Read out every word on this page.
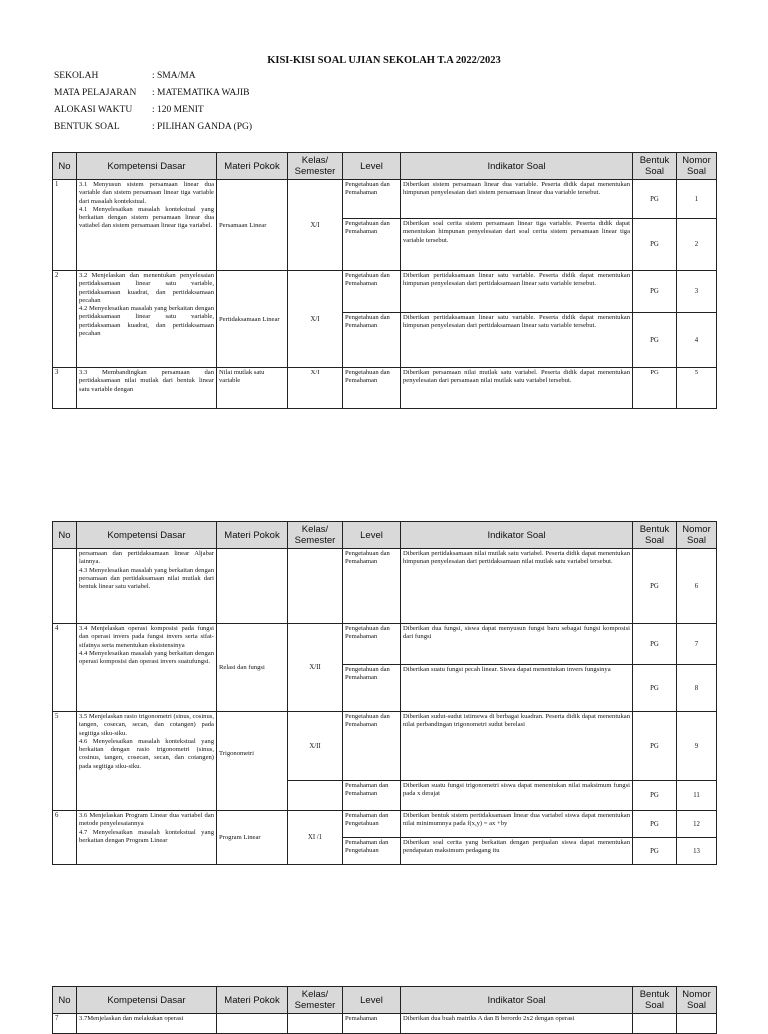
KISI-KISI SOAL UJIAN SEKOLAH T.A 2022/2023
SEKOLAH	: SMA/MA
MATA PELAJARAN	: MATEMATIKA WAJIB
ALOKASI WAKTU	: 120 MENIT
BENTUK SOAL	: PILIHAN GANDA (PG)
No	Kompetensi Dasar	Materi Pokok	Kelas/ Semester	Level	Indikator Soal	Bentuk Soal	Nomor Soal
1	3.1 Menyusun sistem persamaan linear dua variable dan sistem persamaan linear tiga variable dari masalah kontekstual.
4.1 Menyelesaikan masalah kontekstual yang berkaitan dengan sistem persamaan linear dua vatiabel dan sistem persamaan linear tiga variabel.	Persamaan Linear	X/I	Pengetahuan dan Pemahaman	Diberikan sistem persamaan linear dua variable. Peserta didik dapat menentukan himpunan penyelesaian dari sistem persamaan linear dua variable tersebut.	PG	1
				Pengetahuan dan Pemahaman	Diberikan soal cerita sistem persamaan linear tiga variable. Peserta didik dapat menentukan himpunan penyelesaian dari soal cerita sistem persamaan linear tiga variable tersebut.	PG	2
2	3.2 Menjelaskan dan menentukan penyelesaian pertidaksamaan linear satu variable, pertidaksamaan kuadrat, dan pertidaksamaan pecahan
4.2 Menyelesaikan masalah yang berkaitan dengan pertidaksamaan linear satu variable, pertidaksamaan kuadrat, dan pertidaksamaan pecahan	Pertidaksamaan Linear	X/I	Pengetahuan dan Pemahaman	Diberikan pertidaksamaan linear satu variable. Peserta didik dapat menentukan himpunan penyelesaian dari pertidaksamaan linear satu variable tersebut.	PG	3
				Pengetahuan dan Pemahaman	Diberikan pertidaksamaan linear satu variable. Peserta didik dapat menentukan himpunan penyelesaian dari pertidaksamaan linear satu variable tersebut.	PG	4
3	3.3 Membandingkan persamaan dan pertidaksamaan nilai mutlak dari bentuk linear satu variable dengan	Nilai mutlak satu variable	X/I	Pengetahuan dan Pemahaman	Diberikan persamaan nilai mutlak satu variabel. Peserta didik dapat menentukan penyelesaian dari persamaan nilai mutlak satu variabel tersebut.	PG	5
No	Kompetensi Dasar	Materi Pokok	Kelas/ Semester	Level	Indikator Soal	Bentuk Soal	Nomor Soal
	persamaan dan pertidaksamaan linear Aljabar lainnya.
4.3 Menyelesaikan masalah yang berkaitan dengan persamaan dan pertidaksamaan nilai mutlak dari bentuk linear satu variabel.			Pengetahuan dan Pemahaman	Diberikan pertidaksamaan nilai mutlak satu variabel. Peserta didik dapat menentukan himpunan penyelesaian dari pertidaksamaan nilai mutlak satu variabel tersebut.	PG	6
4	3.4 Menjelaskan operasi komposisi pada fungsi dan operasi invers pada fungsi invers serta sifat-sifatnya serta menentukan eksistensinya
4.4 Menyelesaikan masalah yang berkaitan dengan operasi komposisi dan operasi invers suatufungsi.	Relasi dan fungsi	X/II	Pengetahuan dan Pemahaman	Diberikan dua fungsi, siswa dapat menyusun fungsi baru sebagai fungsi komposisi dari fungsi	PG	7
				Pengetahuan dan Pemahaman	Diberikan suatu fungsi pecah linear. Siswa dapat menentukan invers fungsinya	PG	8
5	3.5 Menjelaskan rasio trigonometri (sinus, cosinus, tangen, cosecan, secan, dan cotangen) pada segitiga siku-siku.
4.6 Menyelesaikan masalah kontekstual yang berkaitan dengan rasio trigonometri (sinus, cosinus, tangen, cosecan, secan, dan cotangen) pada segitiga siku-siku.	Trigonometri	X/II	Pengetahuan dan Pemahaman	Diberikan sudut-sudut istimewa di berbagai kuadran. Peserta didik dapat menentukan nilai perbandingan trigonometri sudut berelasi	PG	9
				Pemahaman dan Pemahaman	Diberikan suatu fungsi trigonometri siswa dapat menentukan nilai maksimum fungsi pada x derajat	PG	11
6	3.6 Menjelaskan Program Linear dua variabel dan metode penyelesaiannya
4.7 Menyelesaikan masalah kontekstual yang berkaitan dengan Program Linear	Program Linear	XI /1	Pemahaman dan Pengetahuan	Diberikan bentuk sistem pertidaksamaan linear dua variabel siswa dapat menentukan nilai minimumnya pada f(x,y) = ax +by	PG	12
				Pemahaman dan Pengetahuan	Diberikan soal cerita yang berkaitan dengan penjualan siswa dapat menentukan pendapatan maksimum pedagang itu	PG	13
No	Kompetensi Dasar	Materi Pokok	Kelas/ Semester	Level	Indikator Soal	Bentuk Soal	Nomor Soal
7	3.7Menjelaskan dan melakukan operasi			Pemahaman	Diberikan dua buah matriks A dan B berordo 2x2 dengan operasi		
